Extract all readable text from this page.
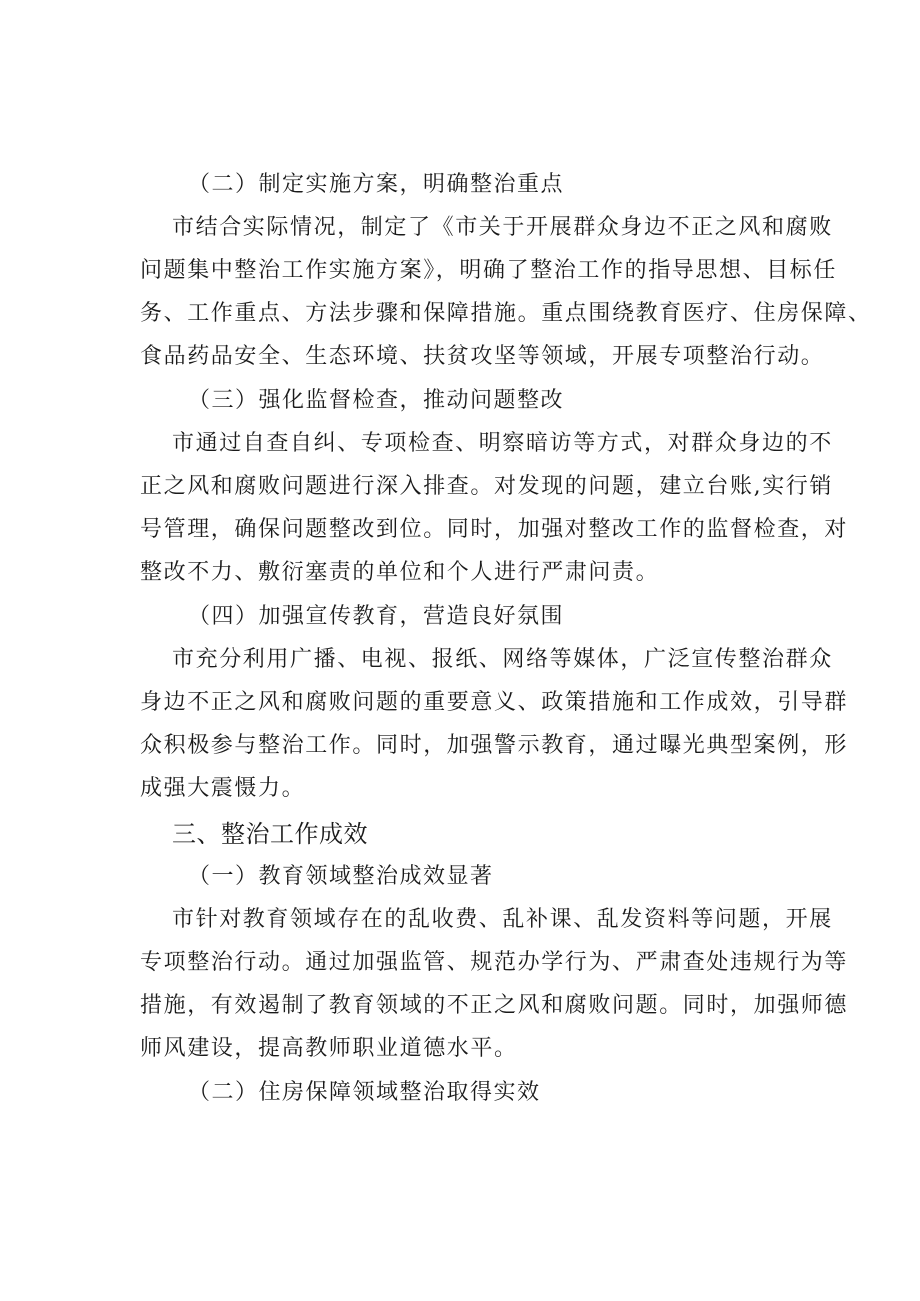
（二）制定实施方案，明确整治重点
市结合实际情况，制定了《市关于开展群众身边不正之风和腐败
问题集中整治工作实施方案》，明确了整治工作的指导思想、目标任
务、工作重点、方法步骤和保障措施。重点围绕教育医疗、住房保障、
食品药品安全、生态环境、扶贫攻坚等领域，开展专项整治行动。
（三）强化监督检查，推动问题整改
市通过自查自纠、专项检查、明察暗访等方式，对群众身边的不
正之风和腐败问题进行深入排查。对发现的问题，建立台账,实行销
号管理，确保问题整改到位。同时，加强对整改工作的监督检查，对
整改不力、敷衍塞责的单位和个人进行严肃问责。
（四）加强宣传教育，营造良好氛围
市充分利用广播、电视、报纸、网络等媒体，广泛宣传整治群众
身边不正之风和腐败问题的重要意义、政策措施和工作成效，引导群
众积极参与整治工作。同时，加强警示教育，通过曝光典型案例，形
成强大震慑力。
三、整治工作成效
（一）教育领域整治成效显著
市针对教育领域存在的乱收费、乱补课、乱发资料等问题，开展
专项整治行动。通过加强监管、规范办学行为、严肃查处违规行为等
措施，有效遏制了教育领域的不正之风和腐败问题。同时，加强师德
师风建设，提高教师职业道德水平。
（二）住房保障领域整治取得实效
